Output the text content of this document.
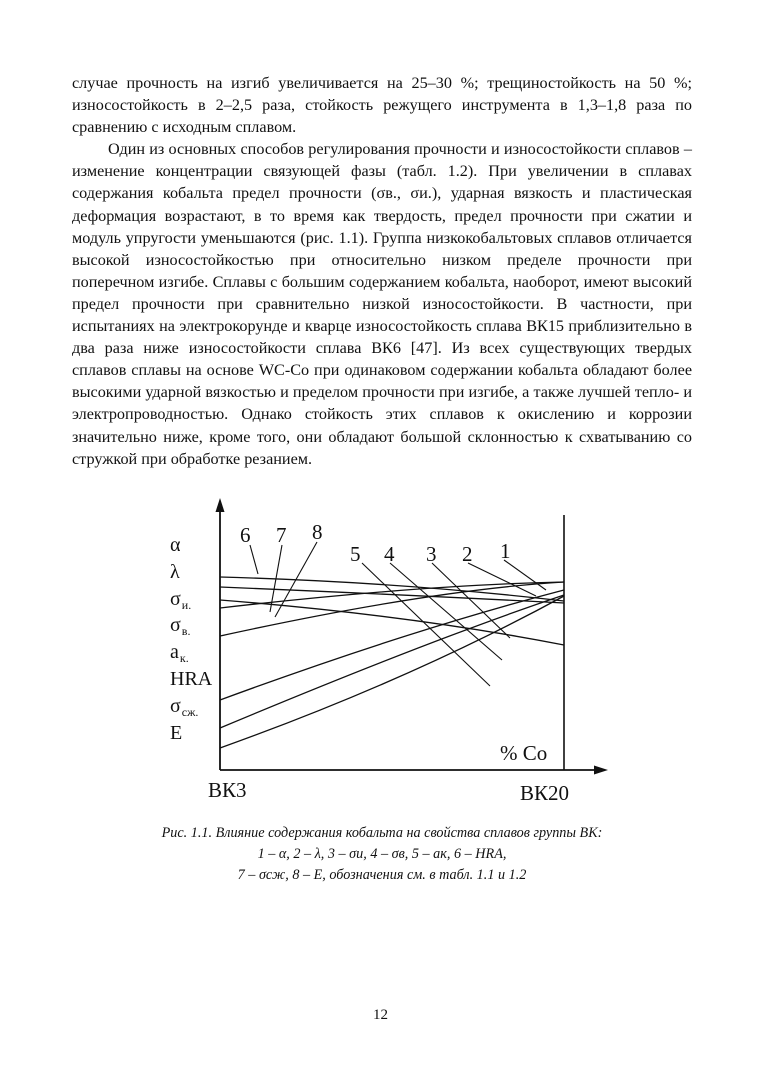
случае прочность на изгиб увеличивается на 25–30 %; трещиностойкость на 50 %; износостойкость в 2–2,5 раза, стойкость режущего инструмента в 1,3–1,8 раза по сравнению с исходным сплавом.

Один из основных способов регулирования прочности и износостойкости сплавов – изменение концентрации связующей фазы (табл. 1.2). При увеличении в сплавах содержания кобальта предел прочности (σв., σи.), ударная вязкость и пластическая деформация возрастают, в то время как твердость, предел прочности при сжатии и модуль упругости уменьшаются (рис. 1.1). Группа низкокобальтовых сплавов отличается высокой износостойкостью при относительно низком пределе прочности при поперечном изгибе. Сплавы с большим содержанием кобальта, наоборот, имеют высокий предел прочности при сравнительно низкой износостойкости. В частности, при испытаниях на электрокорунде и кварце износостойкость сплава ВК15 приблизительно в два раза ниже износостойкости сплава ВК6 [47]. Из всех существующих твердых сплавов сплавы на основе WC-Co при одинаковом содержании кобальта обладают более высокими ударной вязкостью и пределом прочности при изгибе, а также лучшей тепло- и электропроводностью. Однако стойкость этих сплавов к окислению и коррозии значительно ниже, кроме того, они обладают большой склонностью к схватыванию со стружкой при обработке резанием.

α
λ
$\sigma_{и.}$
$\sigma_{в.}$
$a_{к.}$
HRA
$\sigma_{сж.}$
E
6 7 8
5 4 3 2 1
% Co
ВК3	ВК20
Рис. 1.1. Влияние содержания кобальта на свойства сплавов группы ВК:
1 – α, 2 – λ, 3 – σи, 4 – σв, 5 – aк, 6 – HRA,
7 – σсж, 8 – E, обозначения см. в табл. 1.1 и 1.2
12
